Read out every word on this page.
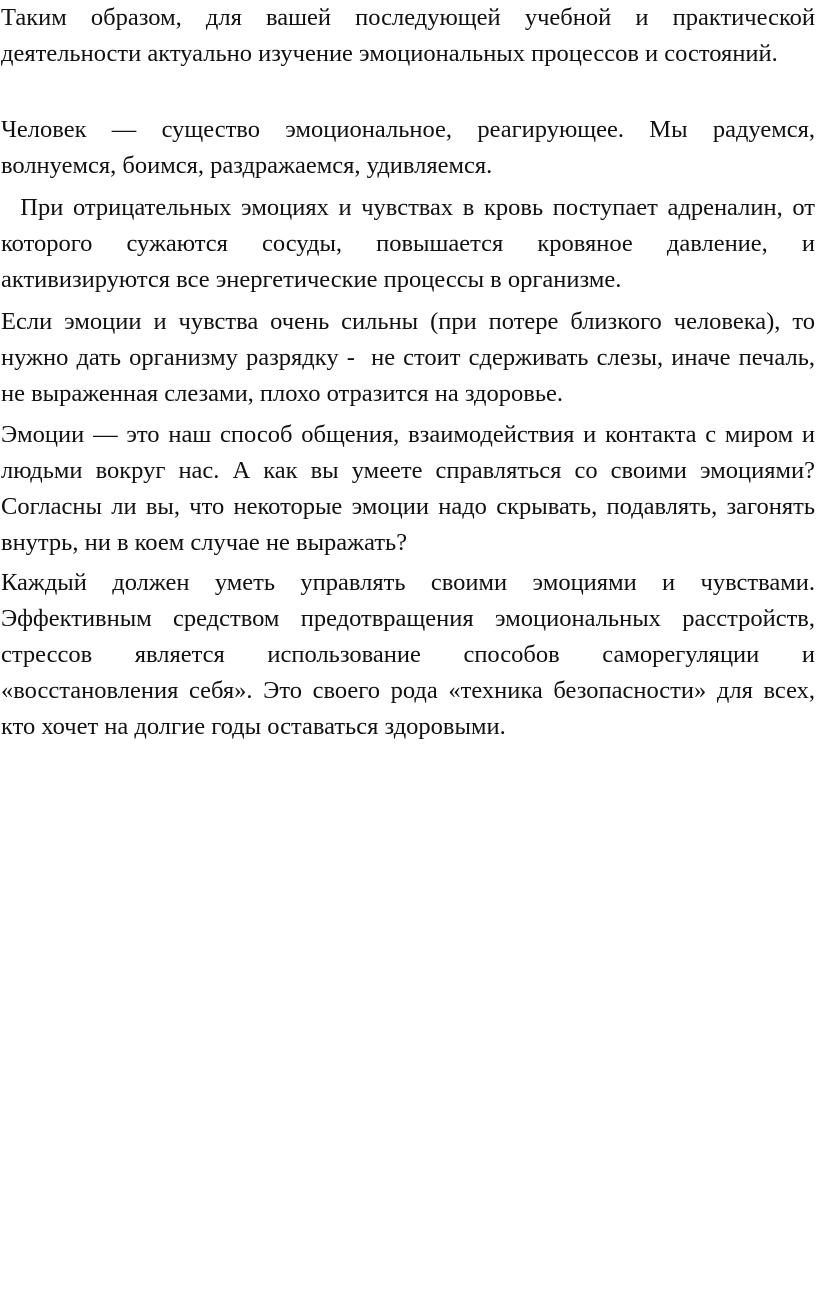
Таким образом, для вашей последующей учебной и практической деятельности актуально изучение эмоциональных процессов и состояний.

Человек — существо эмоциональное, реагирующее. Мы радуемся, волнуемся, боимся, раздражаемся, удивляемся.

При отрицательных эмоциях и чувствах в кровь поступает адреналин, от которого сужаются сосуды, повышается кровяное давление, и активизируются все энергетические процессы в организме.

Если эмоции и чувства очень сильны (при потере близкого человека), то нужно дать организму разрядку -  не стоит сдерживать слезы, иначе печаль, не выраженная слезами, плохо отразится на здоровье.

Эмоции — это наш способ общения, взаимодействия и контакта с миром и людьми вокруг нас. А как вы умеете справляться со своими эмоциями? Согласны ли вы, что некоторые эмоции надо скрывать, подавлять, загонять внутрь, ни в коем случае не выражать?

Каждый должен уметь управлять своими эмоциями и чувствами. Эффективным средством предотвращения эмоциональных расстройств, стрессов является использование способов саморегуляции и «восстановления себя». Это своего рода «техника безопасности» для всех, кто хочет на долгие годы оставаться здоровыми.
